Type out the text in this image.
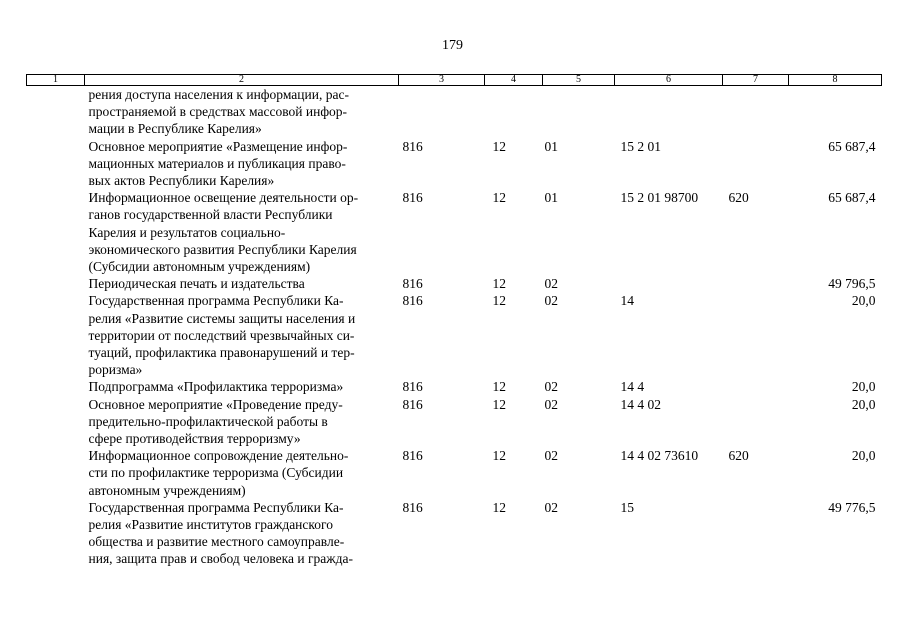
179
1	2	3	4	5	6	7	8

	рения доступа населения к информации, рас-
пространяемой в средствах массовой инфор-
мации в Республике Карелия»						

	Основное мероприятие «Размещение инфор-
мационных материалов и публикация право-
вых актов Республики Карелия»	816	12	01	15 2 01		65 687,4

	Информационное освещение деятельности ор-
ганов государственной власти Республики
Карелия и результатов социально-
экономического развития Республики Карелия
(Субсидии автономным учреждениям)	816	12	01	15 2 01 98700	620	65 687,4

	Периодическая печать и издательства	816	12	02			49 796,5

	Государственная программа Республики Ка-
релия «Развитие системы защиты населения и
территории от последствий чрезвычайных си-
туаций, профилактика правонарушений и тер-
роризма»	816	12	02	14		20,0

	Подпрограмма «Профилактика терроризма»	816	12	02	14 4		20,0

	Основное мероприятие «Проведение преду-
предительно-профилактической работы в
сфере противодействия терроризму»	816	12	02	14 4 02		20,0

	Информационное сопровождение деятельно-
сти по профилактике терроризма (Субсидии
автономным учреждениям)	816	12	02	14 4 02 73610	620	20,0

	Государственная программа Республики Ка-
релия «Развитие институтов гражданского
общества и развитие местного самоуправле-
ния, защита прав и свобод человека и гражда-	816	12	02	15		49 776,5
